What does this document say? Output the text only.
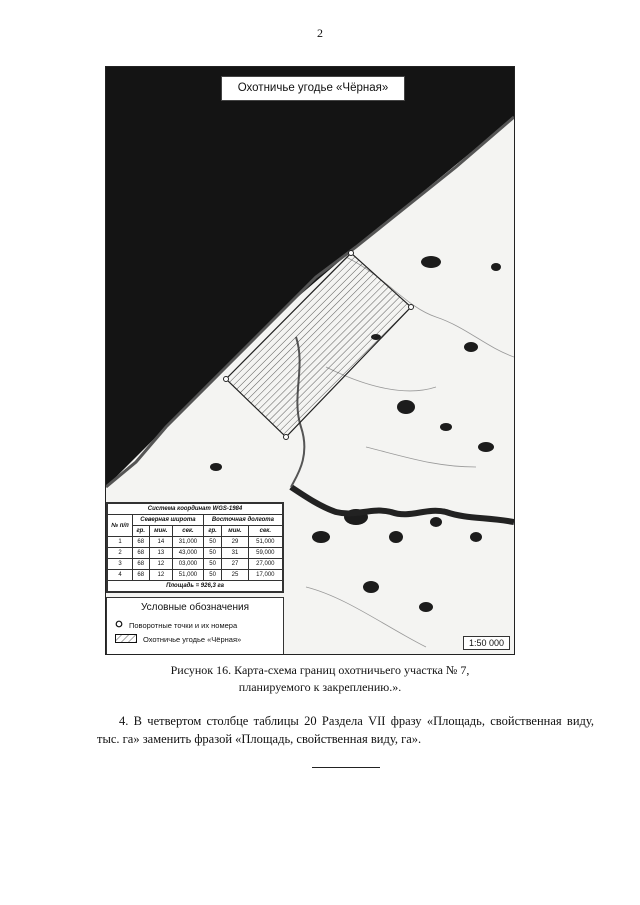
2
Охотничье угодье «Чёрная»
Система координат WGS-1984						
№ п/п	Северная широта			Восточная долгота		
	гр.	мин.	сек.	гр.	мин.	сек.
1	68	14	31,000	50	29	51,000
2	68	13	43,000	50	31	59,000
3	68	12	03,000	50	27	27,000
4	68	12	51,000	50	25	17,000
Площадь = 926,3 га						
Условные обозначения
Поворотные точки и их номера
Охотничье угодье «Чёрная»	1:50 000
Рисунок 16. Карта-схема границ охотничьего участка № 7,
планируемого к закреплению.».
4. В четвертом столбце таблицы 20 Раздела VII фразу «Площадь, свойственная виду, тыс. га» заменить фразой «Площадь, свойственная виду, га».
